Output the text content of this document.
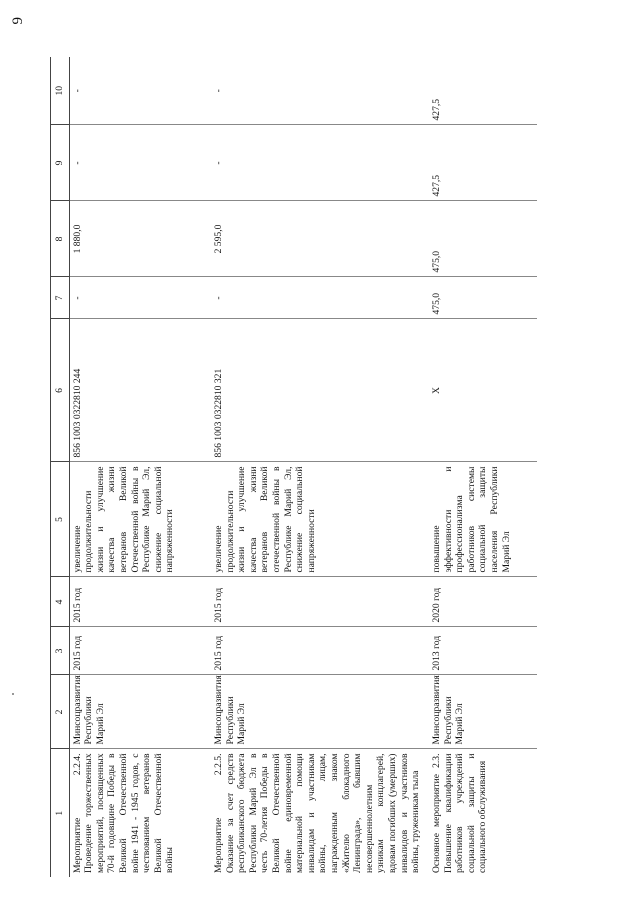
9
1	2	3	4	5	6	7	8	9	10
Мероприятие 2.2.4. Проведение торжественных мероприятий, посвященных 70-й годовщине Победы в Великой Отечественной войне 1941 - 1945 годов, с чествованием ветеранов Великой Отечественной войны	Минсоцразвития Республики Марий Эл	2015 год	2015 год	увеличение продолжительности жизни и улучшение качества жизни ветеранов Великой Отечественной войны в Республике Марий Эл, снижение социальной напряженности	856 1003 0322810 244	-	1 880,0	-	-
Мероприятие 2.2.5. Оказание за счет средств республиканского бюджета Республики Марий Эл в честь 70-летия Победы в Великой Отечественной войне единовременной материальной помощи инвалидам и участникам войны, лицам, награжденным знаком «Жителю блокадного Ленинграда», бывшим несовершеннолетним узникам концлагерей, вдовам погибших (умерших) инвалидов и участников войны, труженикам тыла	Минсоцразвития Республики Марий Эл	2015 год	2015 год	увеличение продолжительности жизни и улучшение качества жизни ветеранов Великой отечественной войны в Республике Марий Эл, снижение социальной напряженности	856 1003 0322810 321	-	2 595,0	-	-
Основное мероприятие 2.3. Повышение квалификации работников учреждений социальной защиты и социального обслуживания	Минсоцразвития Республики Марий Эл	2013 год	2020 год	повышение эффективности и профессионализма работников системы социальной защиты населения Республики Марий Эл	X	475,0	475,0	427,5	427,5
